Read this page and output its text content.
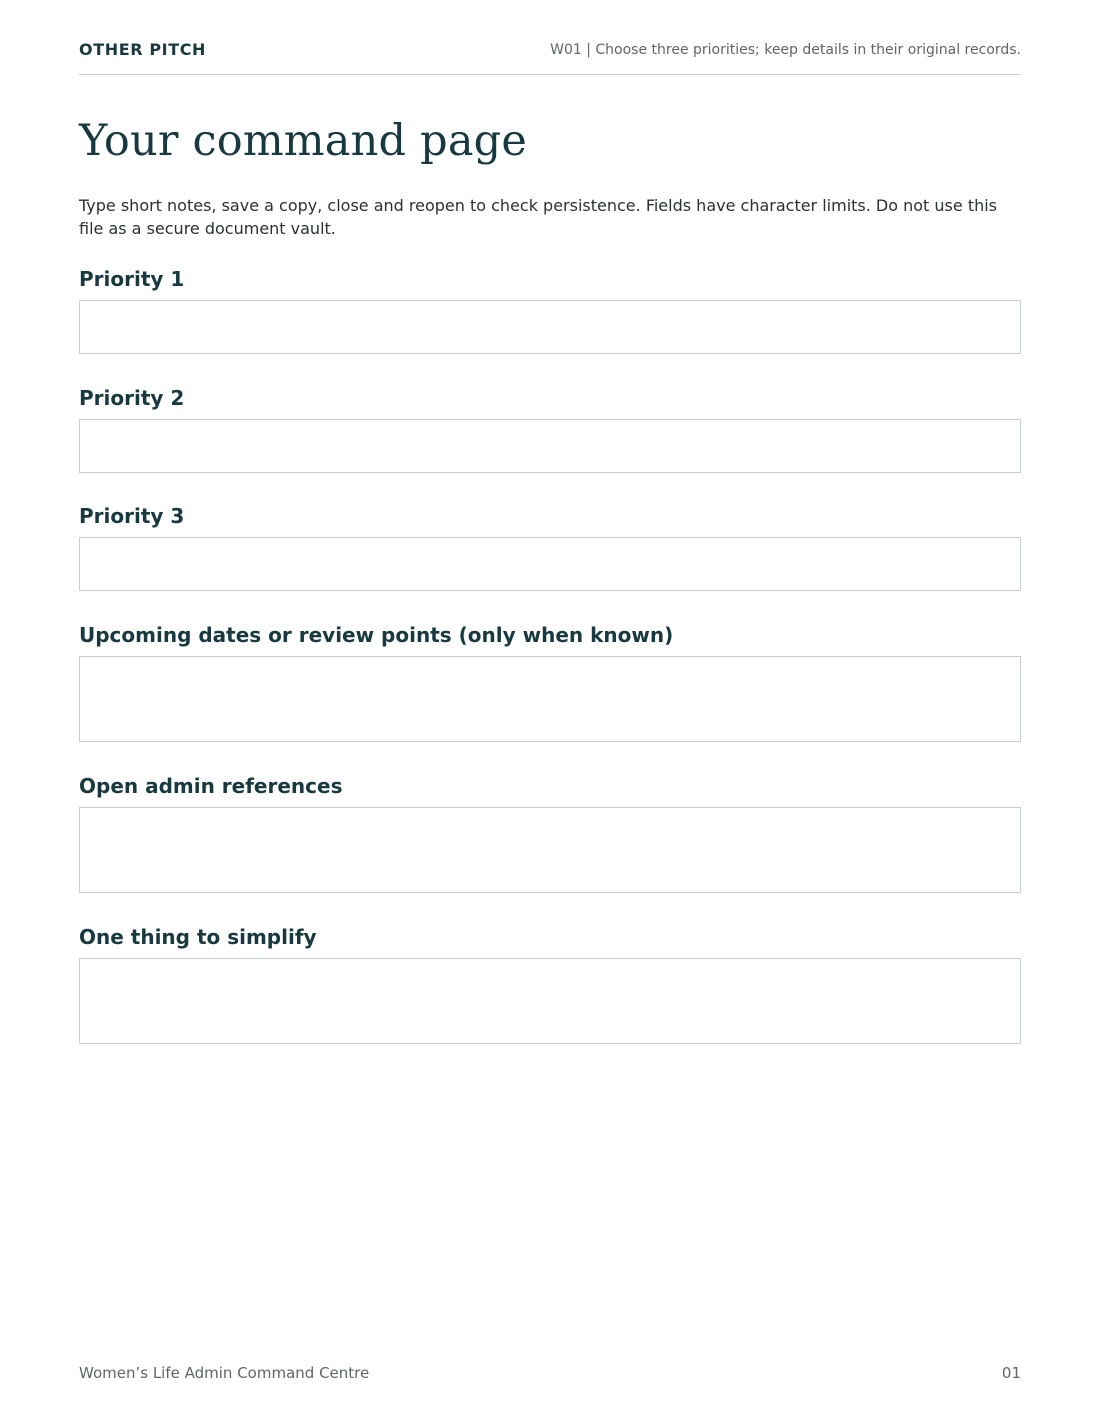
OTHER PITCH	W01 | Choose three priorities; keep details in their original records.
Your command page

Type short notes, save a copy, close and reopen to check persistence. Fields have character limits. Do not use this file as a secure document vault.

Priority 1
Priority 2
Priority 3
Upcoming dates or review points (only when known)
Open admin references
One thing to simplify
Women’s Life Admin Command Centre	01
